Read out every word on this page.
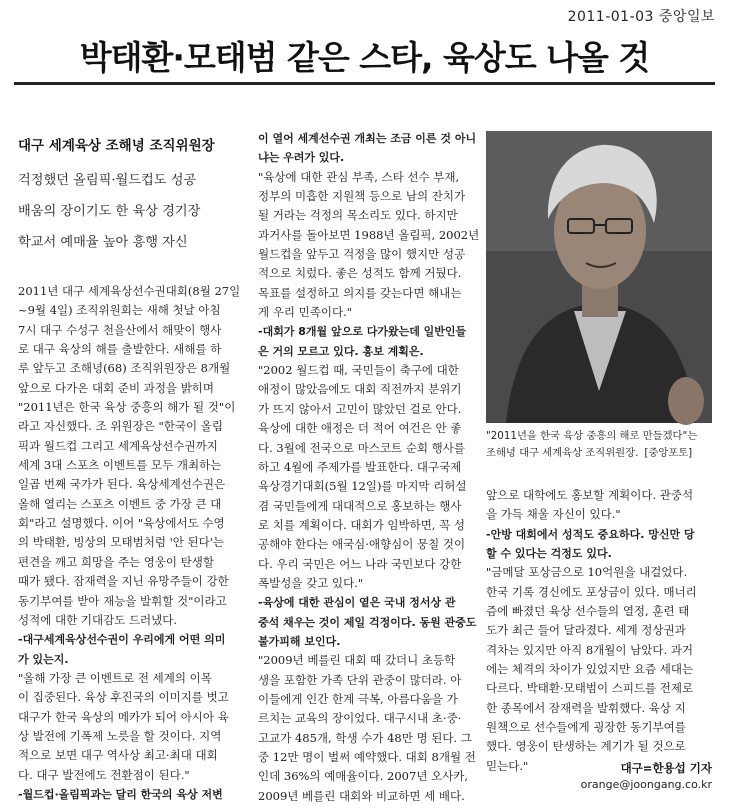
2011-01-03 중앙일보
박태환·모태범 같은 스타, 육상도 나올 것
대구 세계육상 조해녕 조직위원장
걱정했던 올림픽·월드컵도 성공
배움의 장이기도 한 육상 경기장
학교서 예매율 높아 흥행 자신
2011년 대구 세계육상선수권대회(8월 27일
~9월 4일) 조직위원회는 새해 첫날 아침
7시 대구 수성구 천을산에서 해맞이 행사
로 대구 육상의 해를 출발한다. 새해를 하
루 앞두고 조해녕(68) 조직위원장은 8개월
앞으로 다가온 대회 준비 과정을 밝히며
"2011년은 한국 육상 중흥의 해가 될 것"이
라고 자신했다. 조 위원장은 "한국이 올림
픽과 월드컵 그리고 세계육상선수권까지
세계 3대 스포츠 이벤트를 모두 개최하는
일곱 번째 국가가 된다. 육상세계선수권은
올해 열리는 스포츠 이벤트 중 가장 큰 대
회"라고 설명했다. 이어 "육상에서도 수영
의 박태환, 빙상의 모태범처럼 '안 된다'는
편견을 깨고 희망을 주는 영웅이 탄생할
때가 됐다. 잠재력을 지닌 유망주들이 강한
동기부여를 받아 재능을 발휘할 것"이라고
성적에 대한 기대감도 드러냈다.
-대구세계육상선수권이 우리에게 어떤 의미
가 있는지.
"올해 가장 큰 이벤트로 전 세계의 이목
이 집중된다. 육상 후진국의 이미지를 벗고
대구가 한국 육상의 메카가 되어 아시아 육
상 발전에 기폭제 노릇을 할 것이다. 지역
적으로 보면 대구 역사상 최고·최대 대회
다. 대구 발전에도 전환점이 된다."
-월드컵·올림픽과는 달리 한국의 육상 저변
이 열어 세계선수권 개최는 조금 이른 것 아니
냐는 우려가 있다.
"육상에 대한 관심 부족, 스타 선수 부재,
정부의 미흡한 지원책 등으로 남의 잔치가
될 거라는 걱정의 목소리도 있다. 하지만
과거사를 돌아보면 1988년 올림픽, 2002년
월드컵을 앞두고 걱정을 많이 했지만 성공
적으로 치렀다. 좋은 성적도 함께 거뒀다.
목표를 설정하고 의지를 갖는다면 해내는
게 우리 민족이다."
-대회가 8개월 앞으로 다가왔는데 일반인들
은 거의 모르고 있다. 홍보 계획은.
"2002 월드컵 때, 국민들이 축구에 대한
애정이 많았음에도 대회 직전까지 분위기
가 뜨지 않아서 고민이 많았던 걸로 안다.
육상에 대한 애정은 더 적어 여건은 안 좋
다. 3월에 전국으로 마스코트 순회 행사를
하고 4월에 주제가를 발표한다. 대구국제
육상경기대회(5월 12일)를 마지막 리허설
겸 국민들에게 대대적으로 홍보하는 행사
로 치를 계획이다. 대회가 임박하면, 꼭 성
공해야 한다는 애국심·애향심이 뭉칠 것이
다. 우리 국민은 어느 나라 국민보다 강한
폭발성을 갖고 있다."
-육상에 대한 관심이 옅은 국내 정서상 관
중석 채우는 것이 제일 걱정이다. 동원 관중도
불가피해 보인다.
"2009년 베를린 대회 때 갔더니 초등학
생을 포함한 가족 단위 관중이 많더라. 아
이들에게 인간 한계 극복, 아름다움을 가
르치는 교육의 장이었다. 대구시내 초·중·
고교가 485개, 학생 수가 48만 명 된다. 그
중 12만 명이 벌써 예약했다. 대회 8개월 전
인데 36%의 예매율이다. 2007년 오사카,
2009년 베를린 대회와 비교하면 세 배다.
"2011년을 한국 육상 중흥의 해로 만들겠다"는
조해녕 대구 세계육상 조직위원장. [중앙포토]
앞으로 대학에도 홍보할 계획이다. 관중석
을 가득 채울 자신이 있다."
-안방 대회에서 성적도 중요하다. 망신만 당
할 수 있다는 걱정도 있다.
"금메달 포상금으로 10억원을 내걸었다.
한국 기록 경신에도 포상금이 있다. 매너리
즘에 빠졌던 육상 선수들의 열정, 훈련 태
도가 최근 들어 달라졌다. 세계 정상권과
격차는 있지만 아직 8개월이 남았다. 과거
에는 체격의 차이가 있었지만 요즘 세대는
다르다. 박태환·모태범이 스피드를 전제로
한 종목에서 잠재력을 발휘했다. 육상 지
원책으로 선수들에게 굉장한 동기부여를
했다. 영웅이 탄생하는 계기가 될 것으로
믿는다."	대구=한용섭 기자
orange@joongang.co.kr
